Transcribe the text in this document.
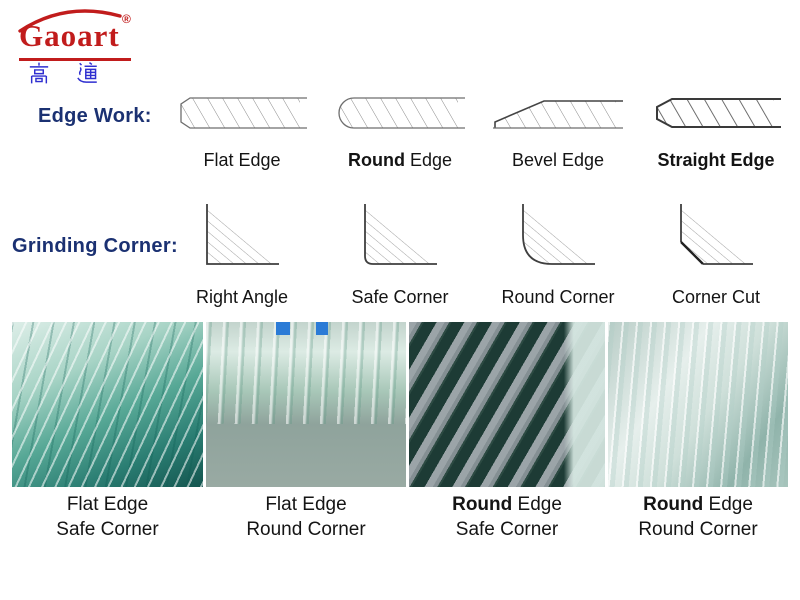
®
Gaoart
Edge Work:
Flat Edge	Round Edge	Bevel Edge	Straight Edge
Grinding Corner:
Right Angle	Safe Corner	Round Corner	Corner Cut
Flat Edge
Safe Corner
Flat Edge
Round Corner
Round Edge
Safe Corner
Round Edge
Round Corner
